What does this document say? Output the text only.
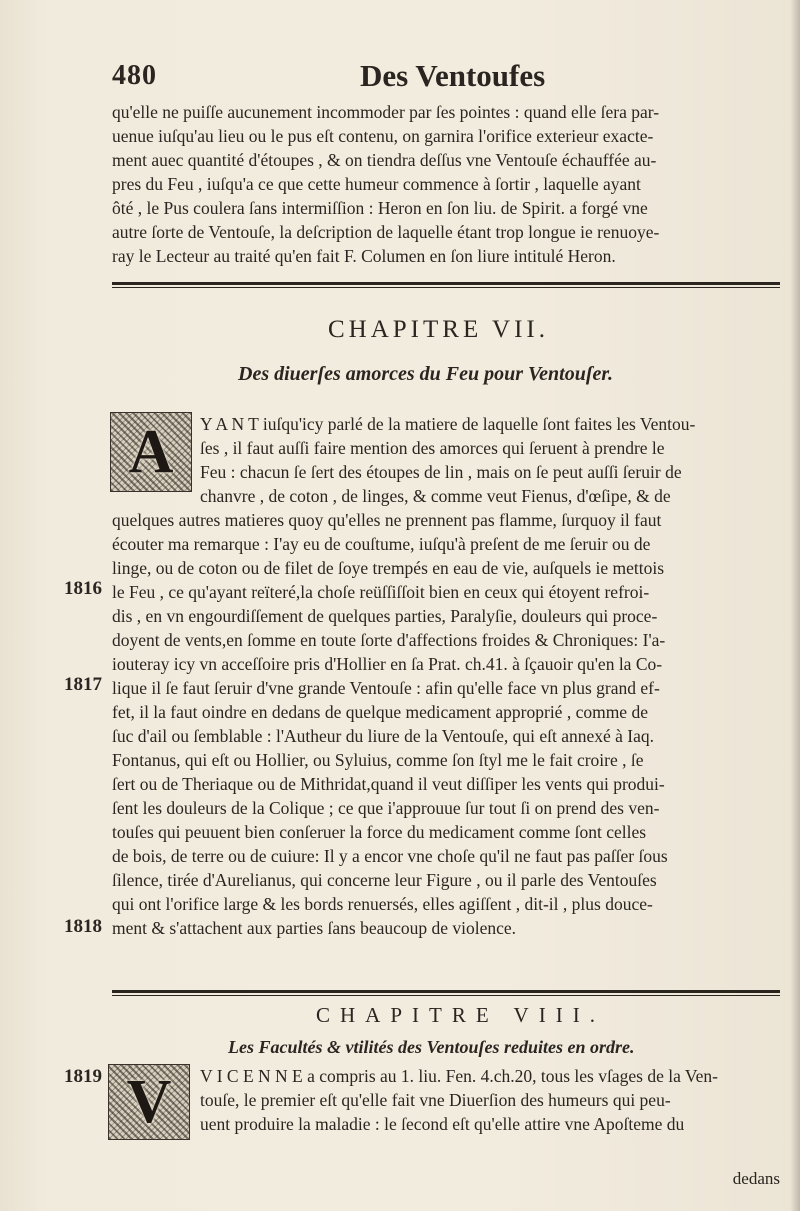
480	Des Ventoufes
qu'elle ne puiſſe aucunement incommoder par ſes pointes : quand elle ſera par-
uenue iuſqu'au lieu ou le pus eſt contenu, on garnira l'orifice exterieur exacte-
ment auec quantité d'étoupes , & on tiendra deſſus vne Ventouſe échauffée au-
pres du Feu , iuſqu'a ce que cette humeur commence à ſortir , laquelle ayant
ôté , le Pus coulera ſans intermiſſion : Heron en ſon liu. de Spirit. a forgé vne
autre ſorte de Ventouſe, la deſcription de laquelle étant trop longue ie renuoye-
ray le Lecteur au traité qu'en fait F. Columen en ſon liure intitulé Heron.
CHAPITRE VII.
Des diuerſes amorces du Feu pour Ventouſer.
A	Y A N T iuſqu'icy parlé de la matiere de laquelle ſont faites les Ventou-
ſes , il faut auſſi faire mention des amorces qui ſeruent à prendre le
Feu : chacun ſe ſert des étoupes de lin , mais on ſe peut auſſi ſeruir de
chanvre , de coton , de linges, & comme veut Fienus, d'œſipe, & de
quelques autres matieres quoy qu'elles ne prennent pas flamme, ſurquoy il faut
écouter ma remarque : I'ay eu de couſtume, iuſqu'à preſent de me ſeruir ou de
linge, ou de coton ou de filet de ſoye trempés en eau de vie, auſquels ie mettois
le Feu , ce qu'ayant reïteré,la choſe reüſſiſſoit bien en ceux qui étoyent refroi-
dis , en vn engourdiſſement de quelques parties, Paralyſie, douleurs qui proce-
doyent de vents,en ſomme en toute ſorte d'affections froides & Chroniques: I'a-
iouteray icy vn acceſſoire pris d'Hollier en ſa Prat. ch.41. à ſçauoir qu'en la Co-
lique il ſe faut ſeruir d'vne grande Ventouſe : afin qu'elle face vn plus grand ef-
fet, il la faut oindre en dedans de quelque medicament approprié , comme de
ſuc d'ail ou ſemblable : l'Autheur du liure de la Ventouſe, qui eſt annexé à Iaq.
Fontanus, qui eſt ou Hollier, ou Syluius, comme ſon ſtyl me le fait croire , ſe
ſert ou de Theriaque ou de Mithridat,quand il veut diſſiper les vents qui produi-
ſent les douleurs de la Colique ; ce que i'approuue ſur tout ſi on prend des ven-
touſes qui peuuent bien conſeruer la force du medicament comme ſont celles
de bois, de terre ou de cuiure: Il y a encor vne choſe qu'il ne faut pas paſſer ſous
ſilence, tirée d'Aurelianus, qui concerne leur Figure , ou il parle des Ventouſes
qui ont l'orifice large & les bords renuersés, elles agiſſent , dit-il , plus douce-
ment & s'attachent aux parties ſans beaucoup de violence.
CHAPITRE VIII.
Les Facultés & vtilités des Ventouſes reduites en ordre.
V	V I C E N N E a compris au 1. liu. Fen. 4.ch.20, tous les vſages de la Ven-
touſe, le premier eſt qu'elle fait vne Diuerſion des humeurs qui peu-
uent produire la maladie : le ſecond eſt qu'elle attire vne Apoſteme du
1816
1817
1818
1819
dedans
